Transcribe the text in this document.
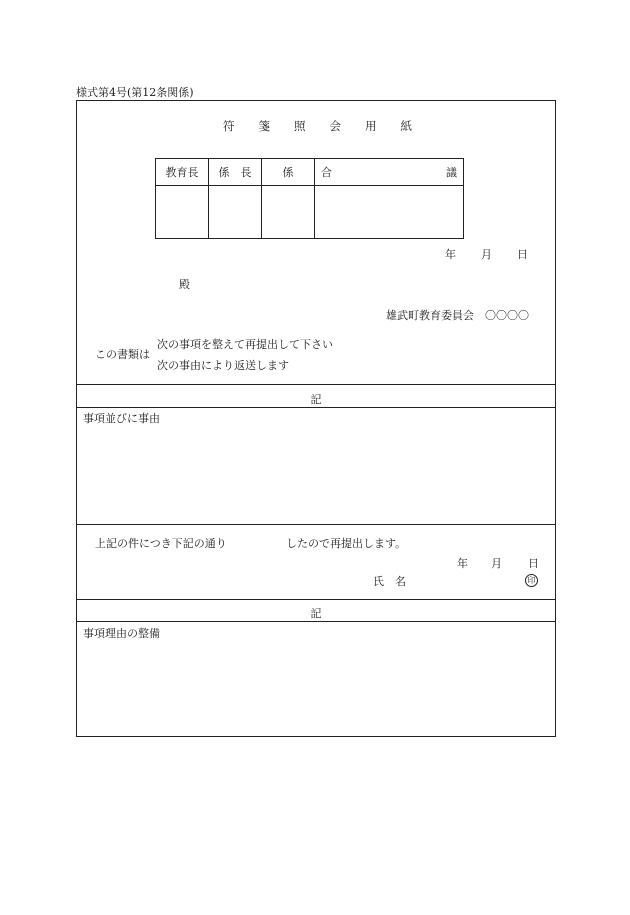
様式第4号(第12条関係)
符 箋 照 会 用 紙
教育長	係　長	係	合 議

年 月 日
殿
雄武町教育委員会　〇〇〇〇
この書類は
次の事項を整えて再提出して下さい
次の事由により返送します
記
事項並びに事由
上記の件につき下記の通り	したので再提出します。
年 月 日
氏　名	印
記
事項理由の整備
